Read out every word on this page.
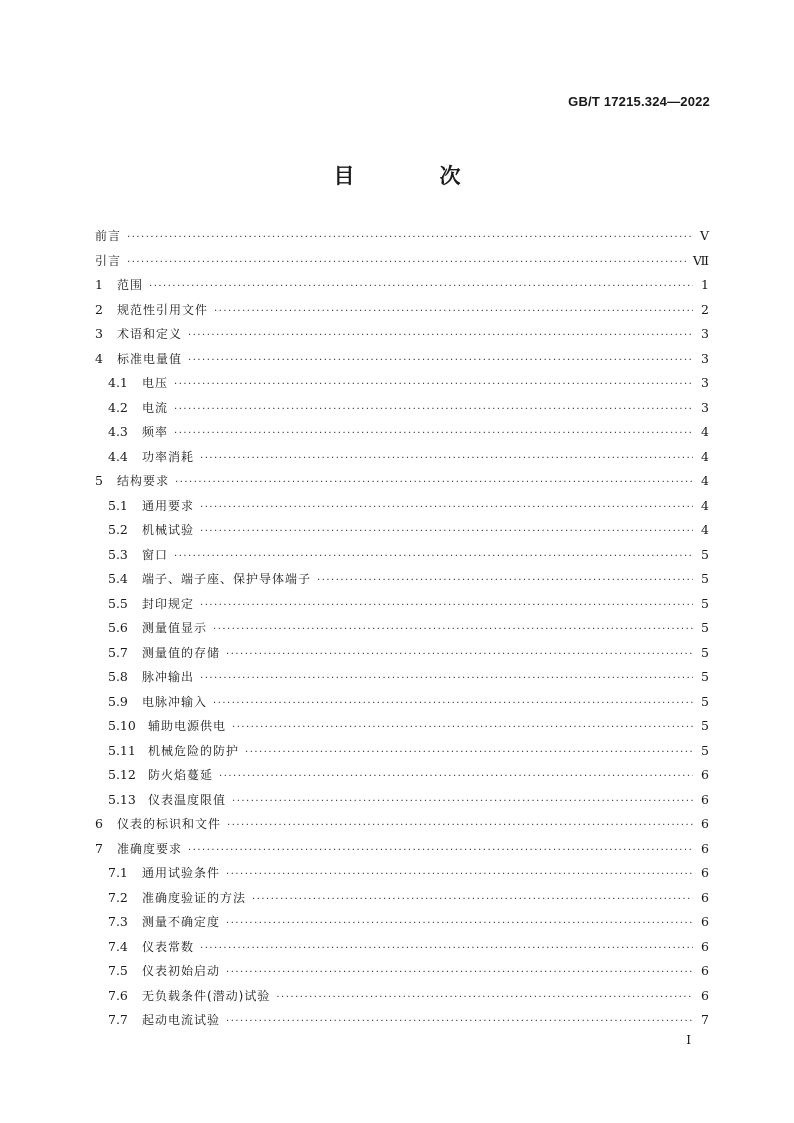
GB/T 17215.324—2022
目　次
前言 ·····	Ⅴ
引言 ·····	Ⅶ
1	范围 ·····	1
2	规范性引用文件 ·····	2
3	术语和定义 ·····	3
4	标准电量值 ·····	3
4.1	电压 ·····	3
4.2	电流 ·····	3
4.3	频率 ·····	4
4.4	功率消耗 ·····	4
5	结构要求 ·····	4
5.1	通用要求 ·····	4
5.2	机械试验 ·····	4
5.3	窗口 ·····	5
5.4	端子、端子座、保护导体端子 ·····	5
5.5	封印规定 ·····	5
5.6	测量值显示 ·····	5
5.7	测量值的存储 ·····	5
5.8	脉冲输出 ·····	5
5.9	电脉冲输入 ·····	5
5.10	辅助电源供电 ·····	5
5.11	机械危险的防护 ·····	5
5.12	防火焰蔓延 ·····	6
5.13	仪表温度限值 ·····	6
6	仪表的标识和文件 ·····	6
7	准确度要求 ·····	6
7.1	通用试验条件 ·····	6
7.2	准确度验证的方法 ·····	6
7.3	测量不确定度 ·····	6
7.4	仪表常数 ·····	6
7.5	仪表初始启动 ·····	6
7.6	无负载条件(潜动)试验 ·····	6
7.7	起动电流试验 ·····	7
I
